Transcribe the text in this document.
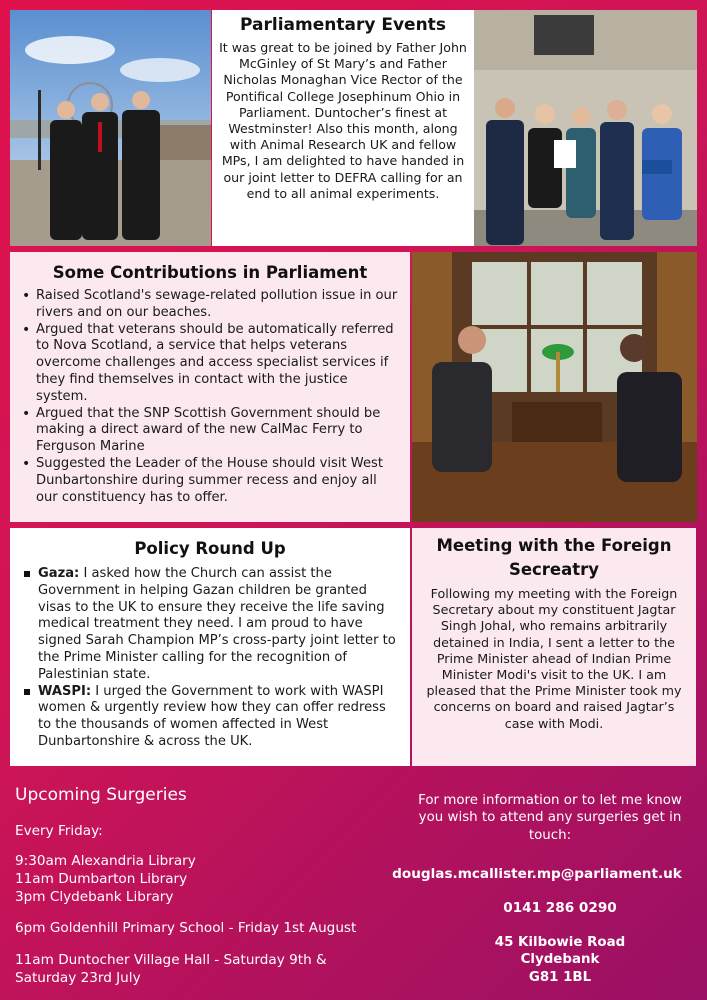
Parliamentary Events

It was great to be joined by Father John McGinley of St Mary’s and Father Nicholas Monaghan Vice Rector of the Pontifical College Josephinum Ohio in Parliament. Duntocher’s finest at Westminster! Also this month, along with Animal Research UK and fellow MPs, I am delighted to have handed in our joint letter to DEFRA calling for an end to all animal experiments.

Some Contributions in Parliament
• Raised Scotland's sewage-related pollution issue in our rivers and on our beaches.
• Argued that veterans should be automatically referred to Nova Scotland, a service that helps veterans overcome challenges and access specialist services if they find themselves in contact with the justice system.
• Argued that the SNP Scottish Government should be making a direct award of the new CalMac Ferry to Ferguson Marine
• Suggested the Leader of the House should visit West Dunbartonshire during summer recess and enjoy all our constituency has to offer.
Policy Round Up
Gaza: I asked how the Church can assist the Government in helping Gazan children be granted visas to the UK to ensure they receive the life saving medical treatment they need. I am proud to have signed Sarah Champion MP’s cross-party joint letter to the Prime Minister calling for the recognition of Palestinian state.
WASPI: I urged the Government to work with WASPI women & urgently review how they can offer redress to the thousands of women affected in West Dunbartonshire & across the UK.
Meeting with the Foreign Secreatry

Following my meeting with the Foreign Secretary about my constituent Jagtar Singh Johal, who remains arbitrarily detained in India, I sent a letter to the Prime Minister ahead of Indian Prime Minister Modi's visit to the UK. I am pleased that the Prime Minister took my concerns on board and raised Jagtar’s case with Modi.

Upcoming Surgeries
Every Friday:
9:30am Alexandria Library
11am Dumbarton Library
3pm Clydebank Library
6pm Goldenhill Primary School - Friday 1st August
11am Duntocher Village Hall - Saturday 9th &
Saturday 23rd July
For more information or to let me know you wish to attend any surgeries get in touch:
douglas.mcallister.mp@parliament.uk
0141 286 0290
45 Kilbowie Road
Clydebank
G81 1BL
